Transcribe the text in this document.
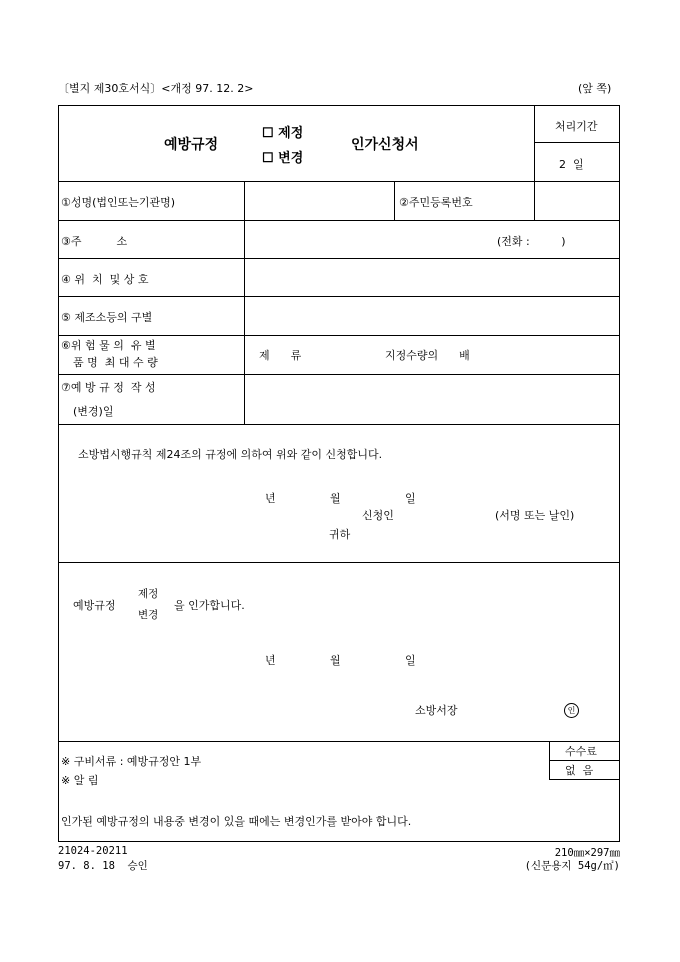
〔별지 제30호서식〕<개정 97. 12. 2>	(앞 쪽)
예방규정
☐ 제정
☐ 변경
인가신청서
처리기간
2  일
①성명(법인또는기관명)	②주민등록번호
③주          소	(전화 :         )
④ 위  치  및 상 호
⑤ 제조소등의 구별
⑥위 험 물 의  유 별
품 명  최 대 수 량
제      류	지정수량의      배
⑦예 방 규 정  작 성
(변경)일
소방법시행규칙 제24조의 규정에 의하여 위와 같이 신청합니다.
년	월	일
신청인	(서명 또는 날인)
귀하
예방규정
제정
변경
을 인가합니다.
년	월	일
소방서장	인
※ 구비서류 : 예방규정안 1부
※ 알 림
수수료
없  음
인가된 예방규정의 내용중 변경이 있을 때에는 변경인가를 받아야 합니다.
21024-20211
97. 8. 18  승인
210㎜×297㎜
(신문용지 54g/㎡)
